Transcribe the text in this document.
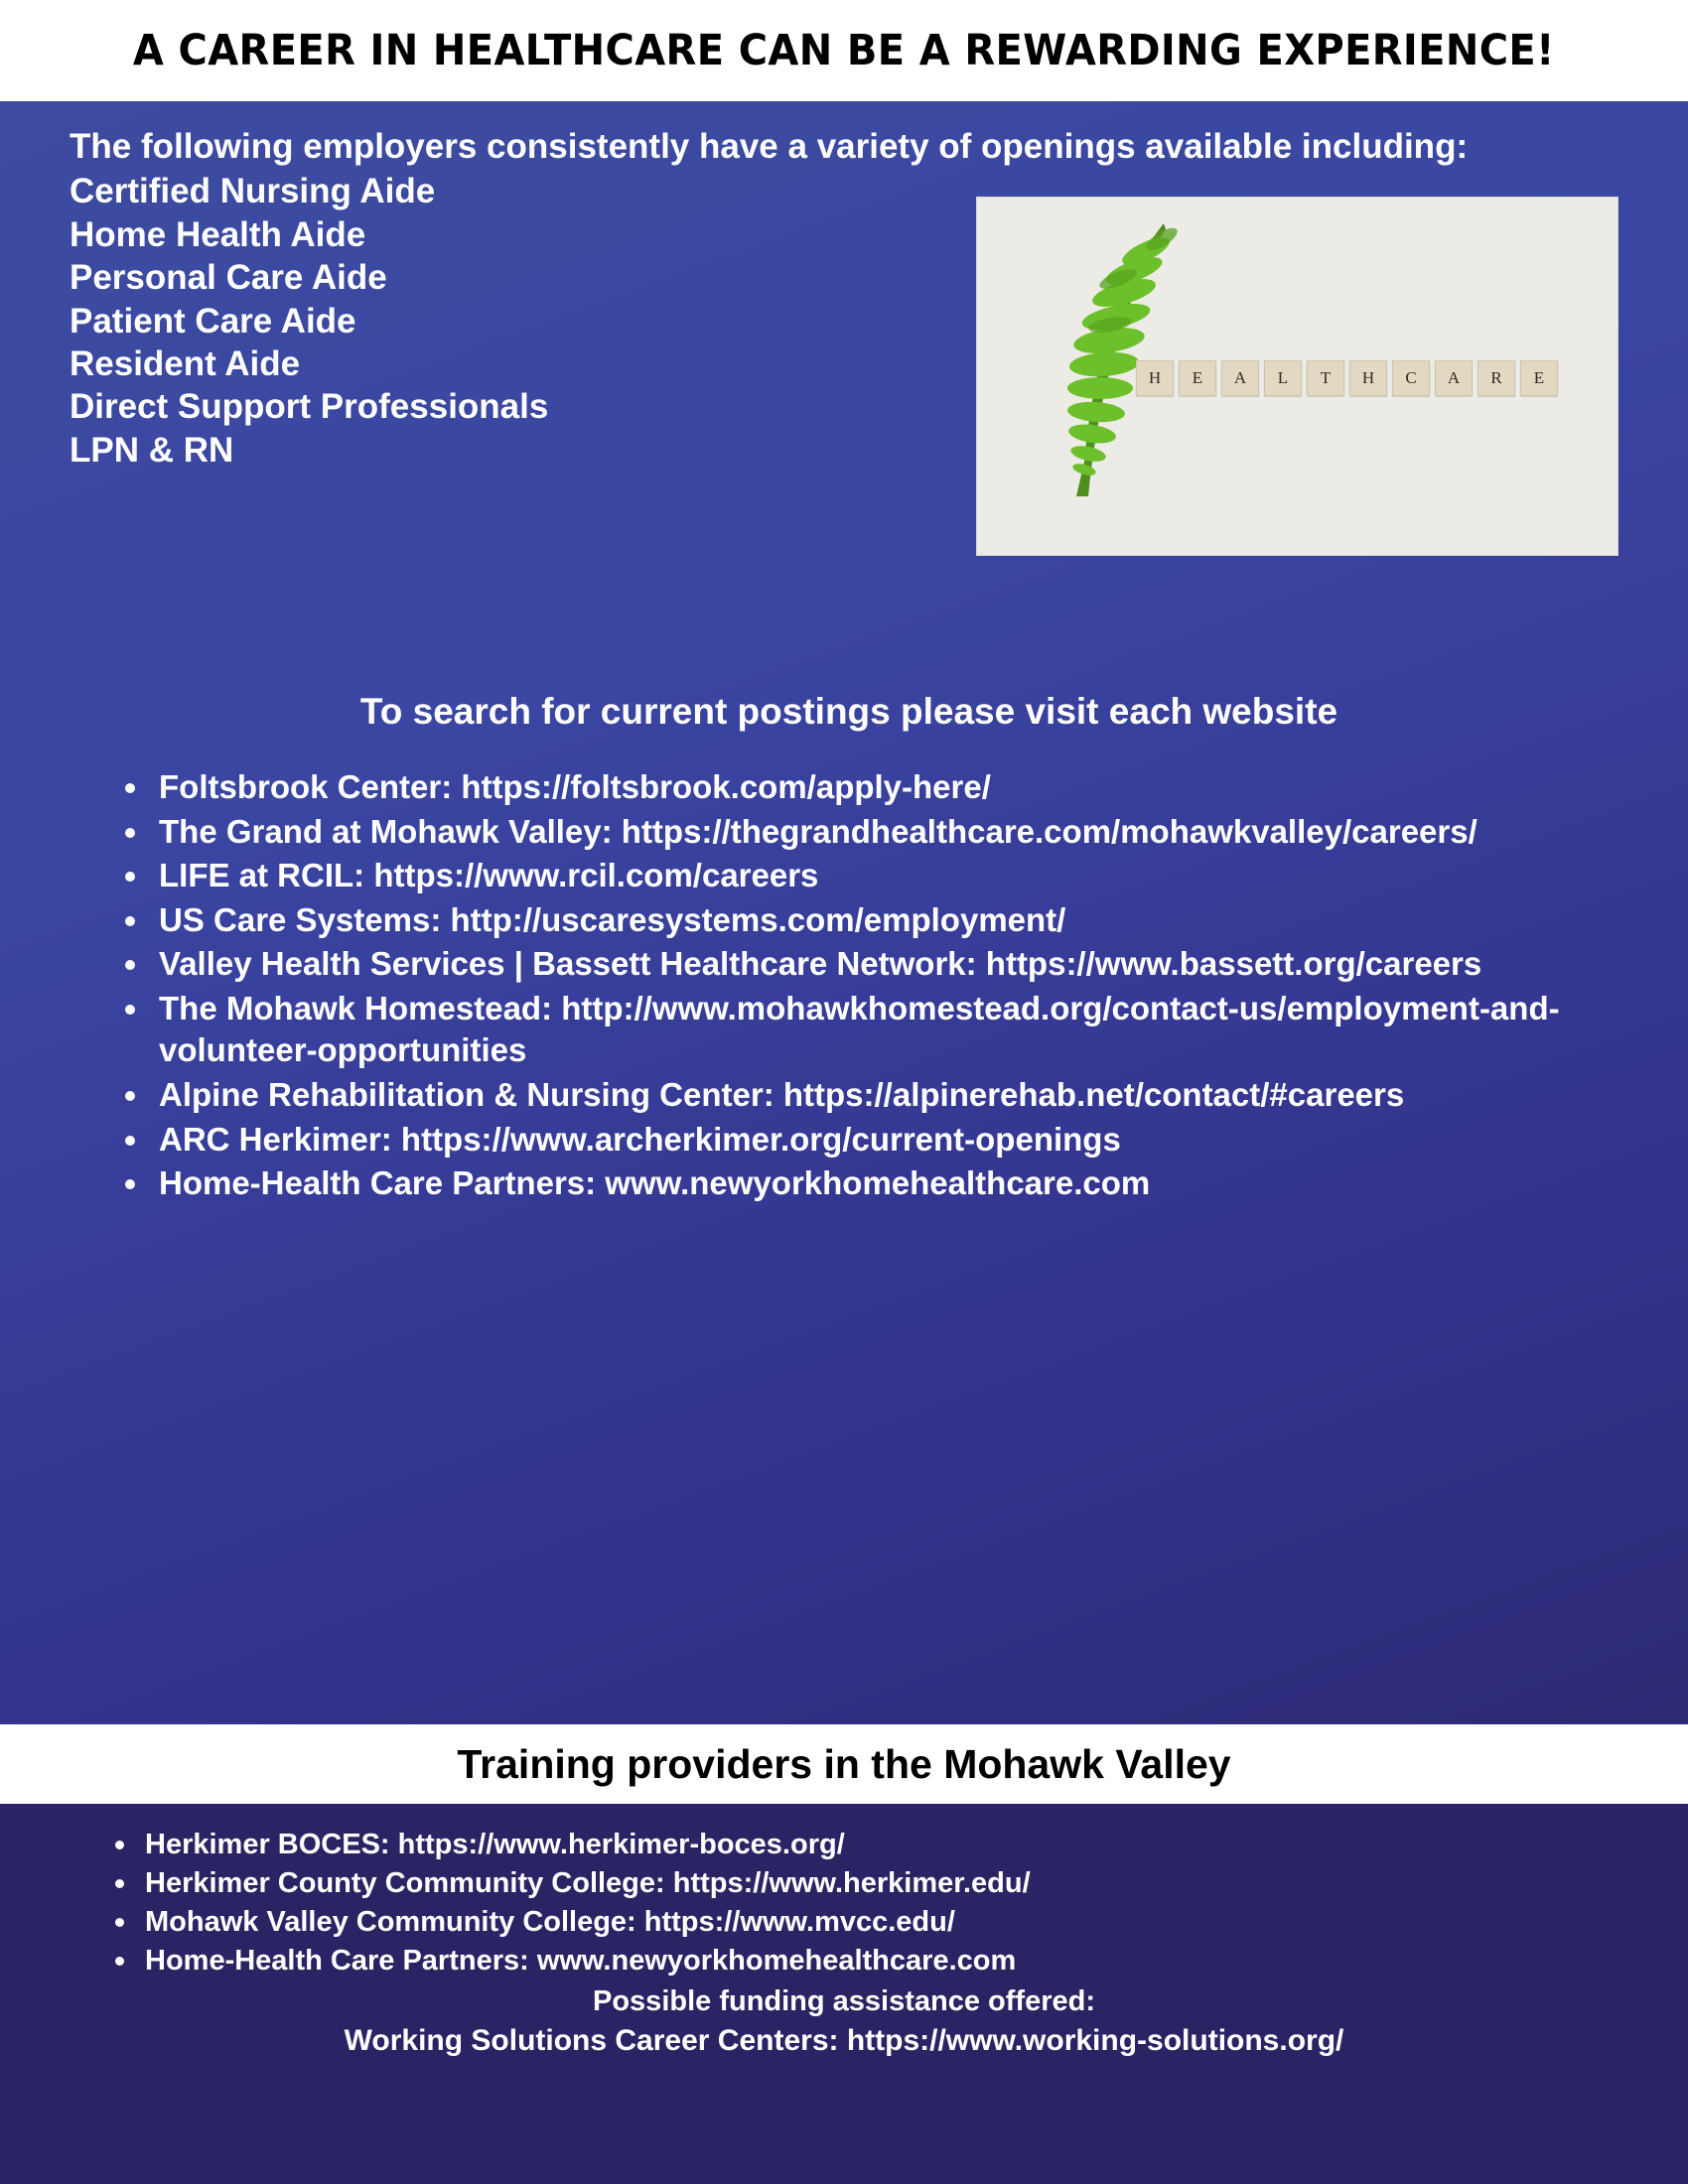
A CAREER IN HEALTHCARE CAN BE A REWARDING EXPERIENCE!
The following employers consistently have a variety of openings available including:
Certified Nursing Aide
Home Health Aide
Personal Care Aide
Patient Care Aide
Resident Aide
Direct Support Professionals
LPN & RN
H	E	A	L	T	H	C	A	R	E
To search for current postings please visit each website
Foltsbrook Center: https://foltsbrook.com/apply-here/
The Grand at Mohawk Valley: https://thegrandhealthcare.com/mohawkvalley/careers/
LIFE at RCIL: https://www.rcil.com/careers
US Care Systems: http://uscaresystems.com/employment/
Valley Health Services | Bassett Healthcare Network: https://www.bassett.org/careers
The Mohawk Homestead: http://www.mohawkhomestead.org/contact-us/employment-and-volunteer-opportunities
Alpine Rehabilitation & Nursing Center: https://alpinerehab.net/contact/#careers
ARC Herkimer: https://www.archerkimer.org/current-openings
Home-Health Care Partners: www.newyorkhomehealthcare.com
Training providers in the Mohawk Valley
Herkimer BOCES: https://www.herkimer-boces.org/
Herkimer County Community College: https://www.herkimer.edu/
Mohawk Valley Community College: https://www.mvcc.edu/
Home-Health Care Partners: www.newyorkhomehealthcare.com
Possible funding assistance offered:
Working Solutions Career Centers: https://www.working-solutions.org/
